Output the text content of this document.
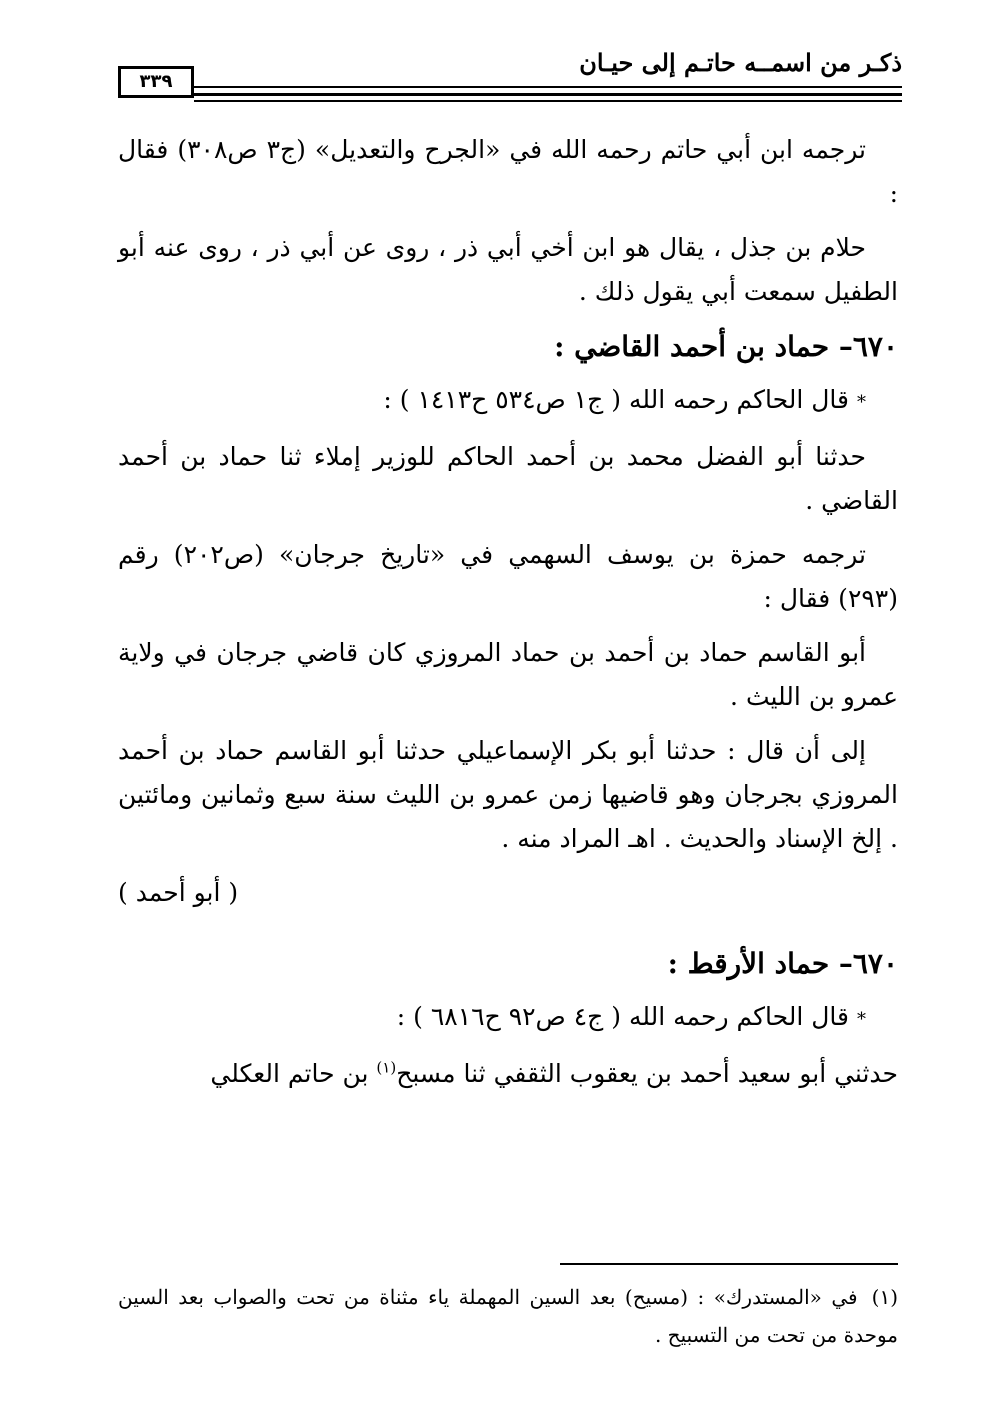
ذكـر من اسمــه حاتـم إلى حيـان
٣٣٩

ترجمه ابن أبي حاتم رحمه الله في «الجرح والتعديل» (ج٣ ص٣٠٨) فقال :

حلام بن جذل ، يقال هو ابن أخي أبي ذر ، روى عن أبي ذر ، روى عنه أبو الطفيل سمعت أبي يقول ذلك .

٦٧٠– حماد بن أحمد القاضي :

*قال الحاكم رحمه الله ( ج١ ص٥٣٤ ح١٤١٣ ) :

حدثنا أبو الفضل محمد بن أحمد الحاكم للوزير إملاء ثنا حماد بن أحمد القاضي .

ترجمه حمزة بن يوسف السهمي في «تاريخ جرجان» (ص٢٠٢) رقم (٢٩٣) فقال :

أبو القاسم حماد بن أحمد بن حماد المروزي كان قاضي جرجان في ولاية عمرو بن الليث .

إلى أن قال : حدثنا أبو بكر الإسماعيلي حدثنا أبو القاسم حماد بن أحمد المروزي بجرجان وهو قاضيها زمن عمرو بن الليث سنة سبع وثمانين ومائتين . إلخ الإسناد والحديث . اهـ المراد منه .

( أبو أحمد )

٦٧٠– حماد الأرقط :

*قال الحاكم رحمه الله ( ج٤ ص٩٢ ح٦٨١٦ ) :

حدثني أبو سعيد أحمد بن يعقوب الثقفي ثنا مسبح$^{(١)}$ بن حاتم العكلي

(١)في «المستدرك» : (مسيح) بعد السين المهملة ياء مثناة من تحت والصواب بعد السين موحدة من تحت من التسبيح .
